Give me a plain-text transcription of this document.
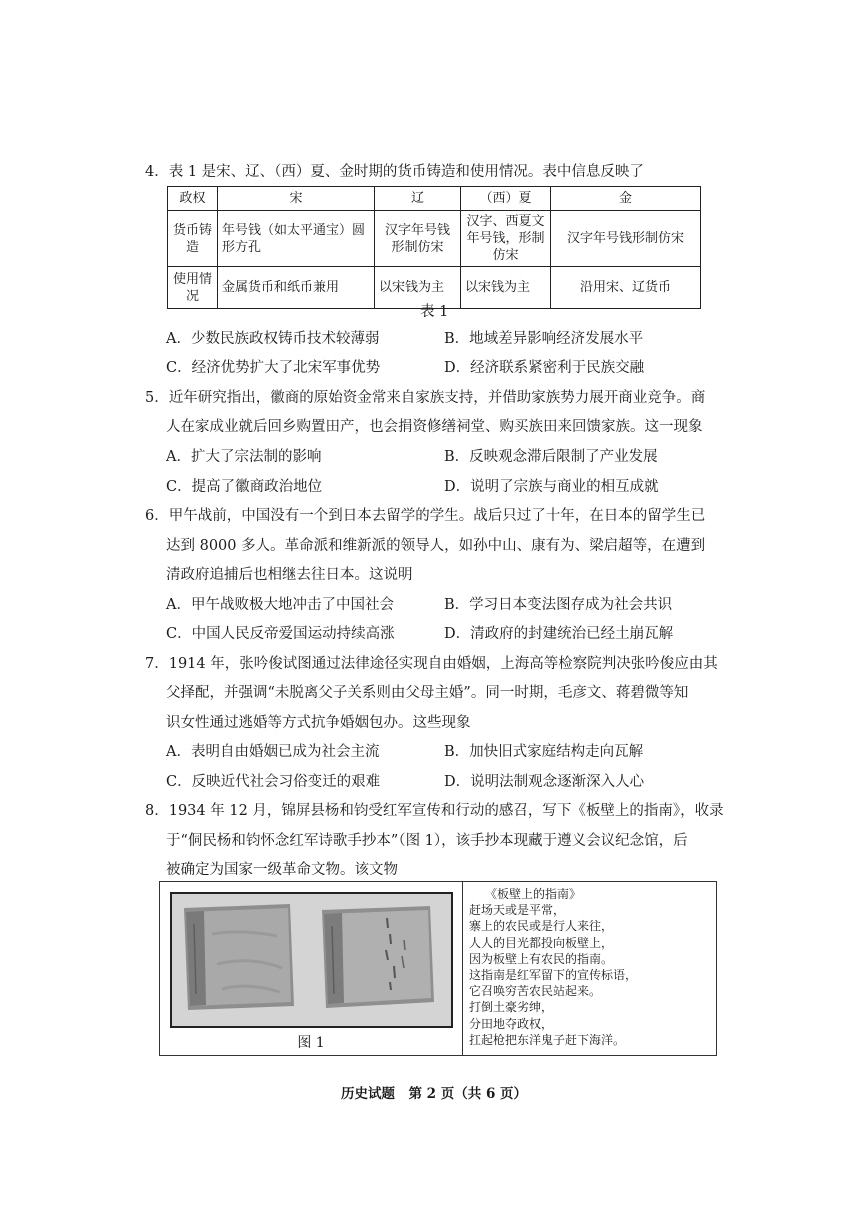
4．表 1 是宋、辽、（西）夏、金时期的货币铸造和使用情况。表中信息反映了
政权	宋	辽	（西）夏	金
货币铸造	年号钱（如太平通宝）圆形方孔	汉字年号钱形制仿宋	汉字、西夏文年号钱，形制仿宋	汉字年号钱形制仿宋
使用情况	金属货币和纸币兼用	以宋钱为主	以宋钱为主	沿用宋、辽货币
表 1
A．少数民族政权铸币技术较薄弱	B．地域差异影响经济发展水平
C．经济优势扩大了北宋军事优势	D．经济联系紧密利于民族交融
5．近年研究指出，徽商的原始资金常来自家族支持，并借助家族势力展开商业竞争。商
人在家成业就后回乡购置田产，也会捐资修缮祠堂、购买族田来回馈家族。这一现象
A．扩大了宗法制的影响	B．反映观念滞后限制了产业发展
C．提高了徽商政治地位	D．说明了宗族与商业的相互成就
6．甲午战前，中国没有一个到日本去留学的学生。战后只过了十年，在日本的留学生已
达到 8000 多人。革命派和维新派的领导人，如孙中山、康有为、梁启超等，在遭到
清政府追捕后也相继去往日本。这说明
A．甲午战败极大地冲击了中国社会	B．学习日本变法图存成为社会共识
C．中国人民反帝爱国运动持续高涨	D．清政府的封建统治已经土崩瓦解
7．1914 年，张吟俊试图通过法律途径实现自由婚姻，上海高等检察院判决张吟俊应由其
父择配，并强调“未脱离父子关系则由父母主婚”。同一时期，毛彦文、蒋碧微等知
识女性通过逃婚等方式抗争婚姻包办。这些现象
A．表明自由婚姻已成为社会主流	B．加快旧式家庭结构走向瓦解
C．反映近代社会习俗变迁的艰难	D．说明法制观念逐渐深入人心
8．1934 年 12 月，锦屏县杨和钧受红军宣传和行动的感召，写下《板壁上的指南》，收录
于“侗民杨和钧怀念红军诗歌手抄本”（图 1），该手抄本现藏于遵义会议纪念馆，后
被确定为国家一级革命文物。该文物
图 1
《板壁上的指南》
赶场天或是平常，
寨上的农民或是行人来往，
人人的目光都投向板壁上，
因为板壁上有农民的指南。
这指南是红军留下的宣传标语，
它召唤穷苦农民站起来。
打倒土豪劣绅，
分田地夺政权，
扛起枪把东洋鬼子赶下海洋。
历史试题　第 2 页（共 6 页）
